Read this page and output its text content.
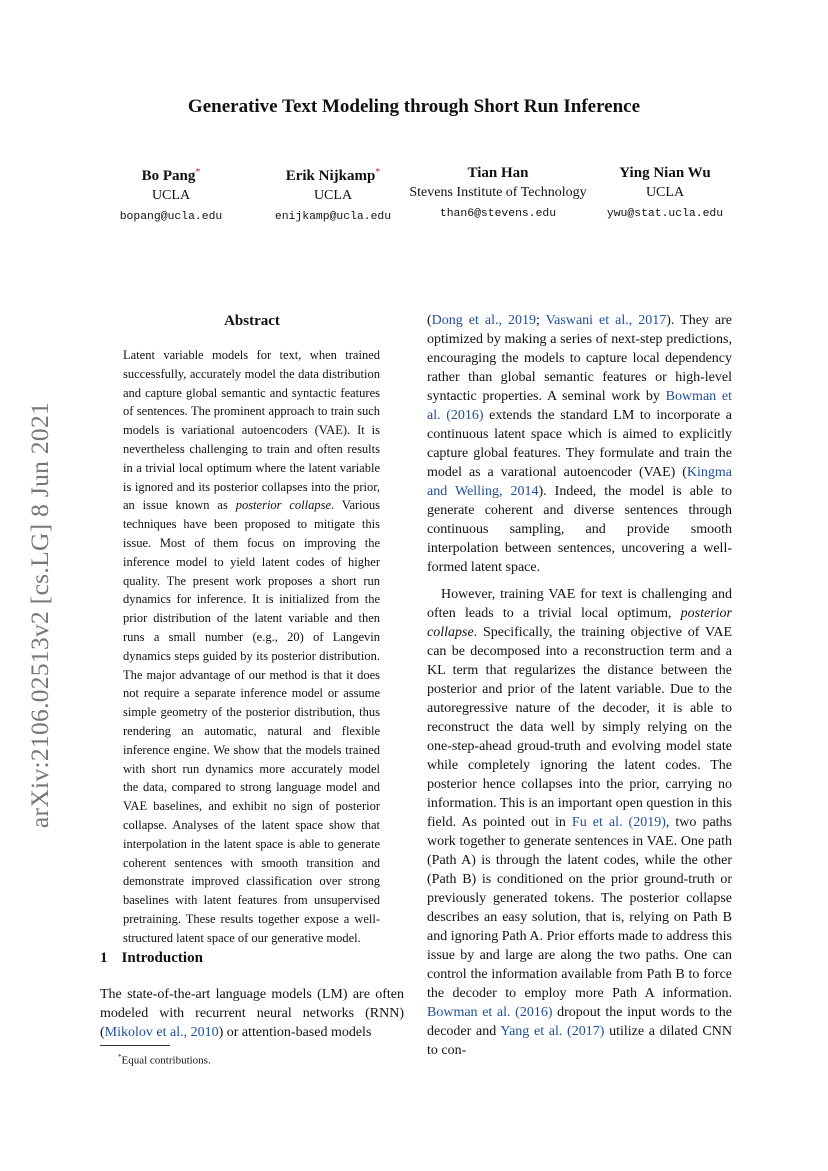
Generative Text Modeling through Short Run Inference
Bo Pang*
UCLA
bopang@ucla.edu
Erik Nijkamp*
UCLA
enijkamp@ucla.edu
Tian Han
Stevens Institute of Technology
than6@stevens.edu
Ying Nian Wu
UCLA
ywu@stat.ucla.edu
arXiv:2106.02513v2 [cs.LG] 8 Jun 2021
Abstract
Latent variable models for text, when trained successfully, accurately model the data distribution and capture global semantic and syntactic features of sentences. The prominent approach to train such models is variational autoencoders (VAE). It is nevertheless challenging to train and often results in a trivial local optimum where the latent variable is ignored and its posterior collapses into the prior, an issue known as posterior collapse. Various techniques have been proposed to mitigate this issue. Most of them focus on improving the inference model to yield latent codes of higher quality. The present work proposes a short run dynamics for inference. It is initialized from the prior distribution of the latent variable and then runs a small number (e.g., 20) of Langevin dynamics steps guided by its posterior distribution. The major advantage of our method is that it does not require a separate inference model or assume simple geometry of the posterior distribution, thus rendering an automatic, natural and flexible inference engine. We show that the models trained with short run dynamics more accurately model the data, compared to strong language model and VAE baselines, and exhibit no sign of posterior collapse. Analyses of the latent space show that interpolation in the latent space is able to generate coherent sentences with smooth transition and demonstrate improved classification over strong baselines with latent features from unsupervised pretraining. These results together expose a well-structured latent space of our generative model.
1 Introduction
The state-of-the-art language models (LM) are often modeled with recurrent neural networks (RNN) (Mikolov et al., 2010) or attention-based models
*Equal contributions.

(Dong et al., 2019; Vaswani et al., 2017). They are optimized by making a series of next-step predictions, encouraging the models to capture local dependency rather than global semantic features or high-level syntactic properties. A seminal work by Bowman et al. (2016) extends the standard LM to incorporate a continuous latent space which is aimed to explicitly capture global features. They formulate and train the model as a varational autoencoder (VAE) (Kingma and Welling, 2014). Indeed, the model is able to generate coherent and diverse sentences through continuous sampling, and provide smooth interpolation between sentences, uncovering a well-formed latent space.

However, training VAE for text is challenging and often leads to a trivial local optimum, posterior collapse. Specifically, the training objective of VAE can be decomposed into a reconstruction term and a KL term that regularizes the distance between the posterior and prior of the latent variable. Due to the autoregressive nature of the decoder, it is able to reconstruct the data well by simply relying on the one-step-ahead groud-truth and evolving model state while completely ignoring the latent codes. The posterior hence collapses into the prior, carrying no information. This is an important open question in this field. As pointed out in Fu et al. (2019), two paths work together to generate sentences in VAE. One path (Path A) is through the latent codes, while the other (Path B) is conditioned on the prior ground-truth or previously generated tokens. The posterior collapse describes an easy solution, that is, relying on Path B and ignoring Path A. Prior efforts made to address this issue by and large are along the two paths. One can control the information available from Path B to force the decoder to employ more Path A information. Bowman et al. (2016) dropout the input words to the decoder and Yang et al. (2017) utilize a dilated CNN to con-
